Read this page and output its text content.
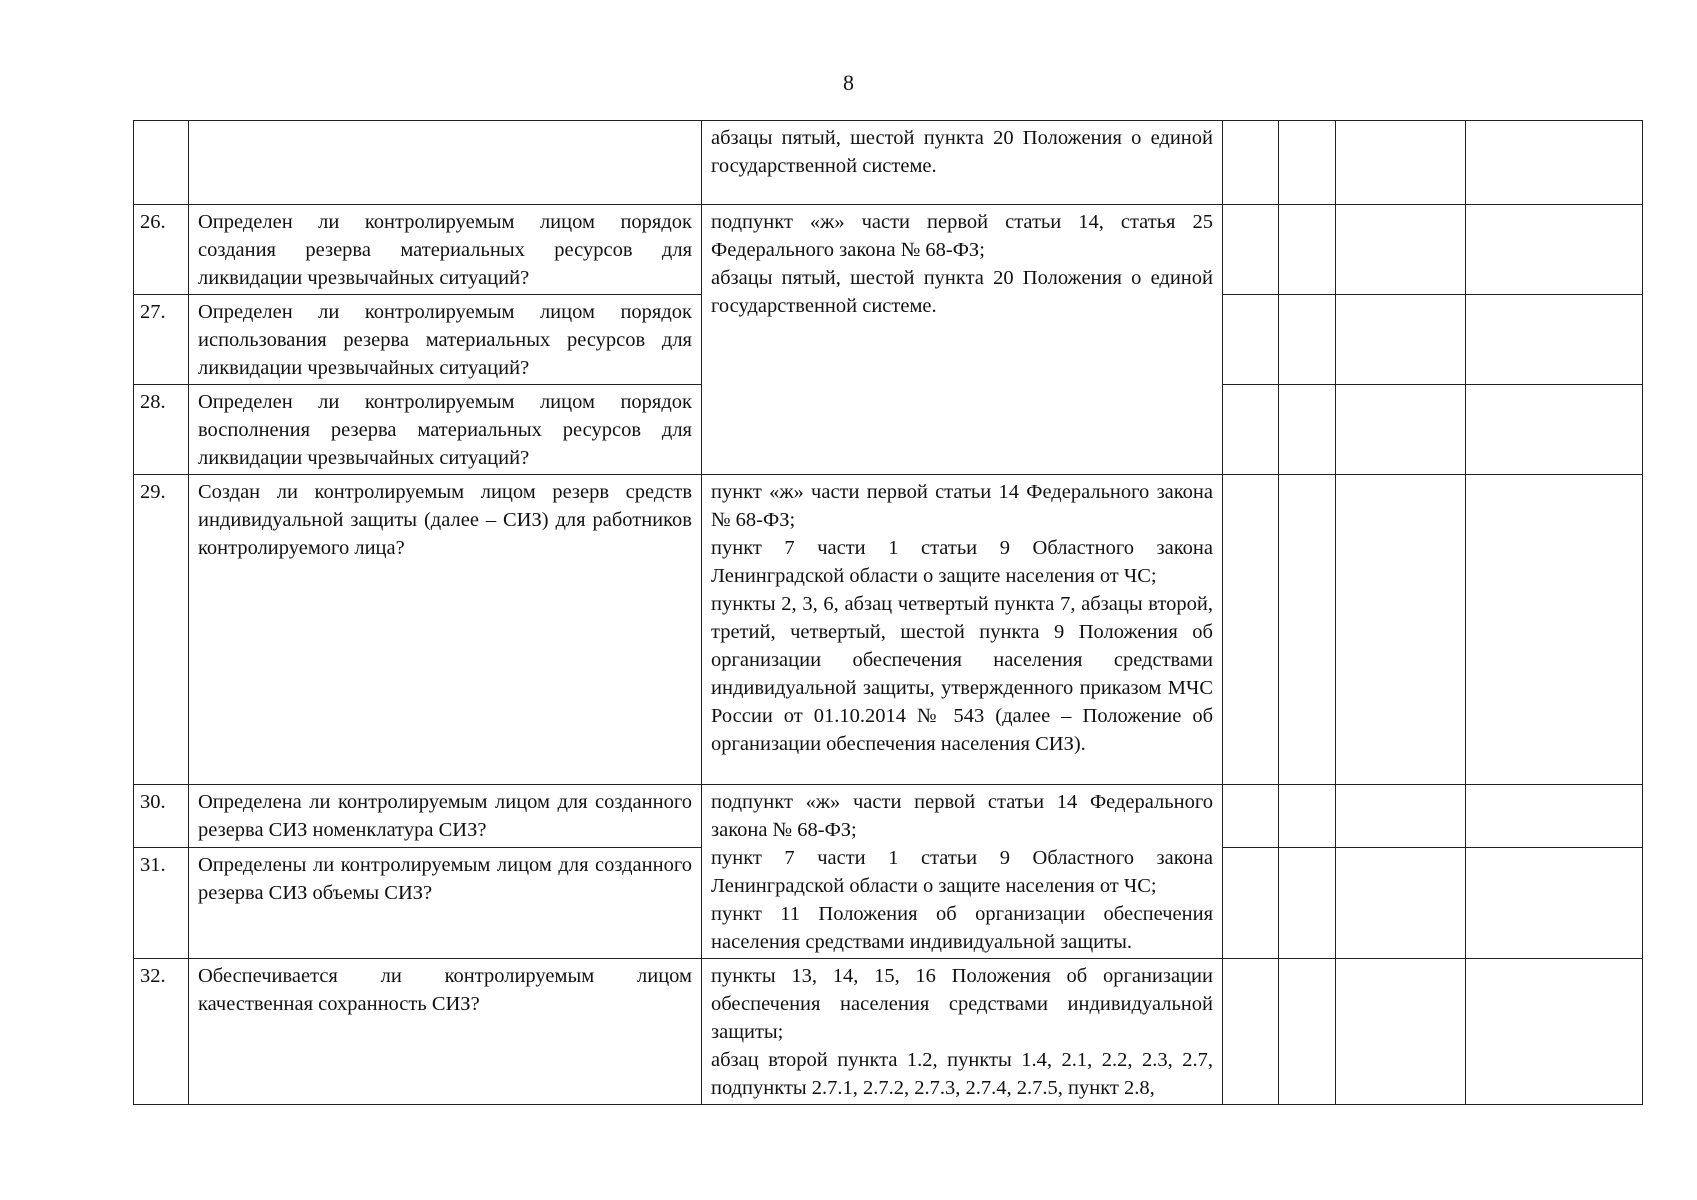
8

		абзацы пятый, шестой пункта 20 Положения о единой государственной системе.				

26.	Определен ли контролируемым лицом порядок создания резерва материальных ресурсов для ликвидации чрезвычайных ситуаций?	подпункт «ж» части первой статьи 14, статья 25 Федерального закона № 68-ФЗ;

абзацы пятый, шестой пункта 20 Положения о единой государственной системе.				

27.	Определен ли контролируемым лицом порядок использования резерва материальных ресурсов для ликвидации чрезвычайных ситуаций?					
28.	Определен ли контролируемым лицом порядок восполнения резерва материальных ресурсов для ликвидации чрезвычайных ситуаций?					
29.	Создан ли контролируемым лицом резерв средств индивидуальной защиты (далее – СИЗ) для работников контролируемого лица?	пункт «ж» части первой статьи 14 Федерального закона № 68-ФЗ;

пункт 7 части 1 статьи 9 Областного закона Ленинградской области о защите населения от ЧС;

пункты 2, 3, 6, абзац четвертый пункта 7, абзацы второй, третий, четвертый, шестой пункта 9 Положения об организации обеспечения населения средствами индивидуальной защиты, утвержденного приказом МЧС России от 01.10.2014 № 543 (далее – Положение об организации обеспечения населения СИЗ).				

30.	Определена ли контролируемым лицом для созданного резерва СИЗ номенклатура СИЗ?	подпункт «ж» части первой статьи 14 Федерального закона № 68-ФЗ;

пункт 7 части 1 статьи 9 Областного закона Ленинградской области о защите населения от ЧС;

пункт 11 Положения об организации обеспечения населения средствами индивидуальной защиты.				

31.	Определены ли контролируемым лицом для созданного резерва СИЗ объемы СИЗ?					
32.	Обеспечивается ли контролируемым лицом качественная сохранность СИЗ?	пункты 13, 14, 15, 16 Положения об организации обеспечения населения средствами индивидуальной защиты;

абзац второй пункта 1.2, пункты 1.4, 2.1, 2.2, 2.3, 2.7, подпункты 2.7.1, 2.7.2, 2.7.3, 2.7.4, 2.7.5, пункт 2.8,				
